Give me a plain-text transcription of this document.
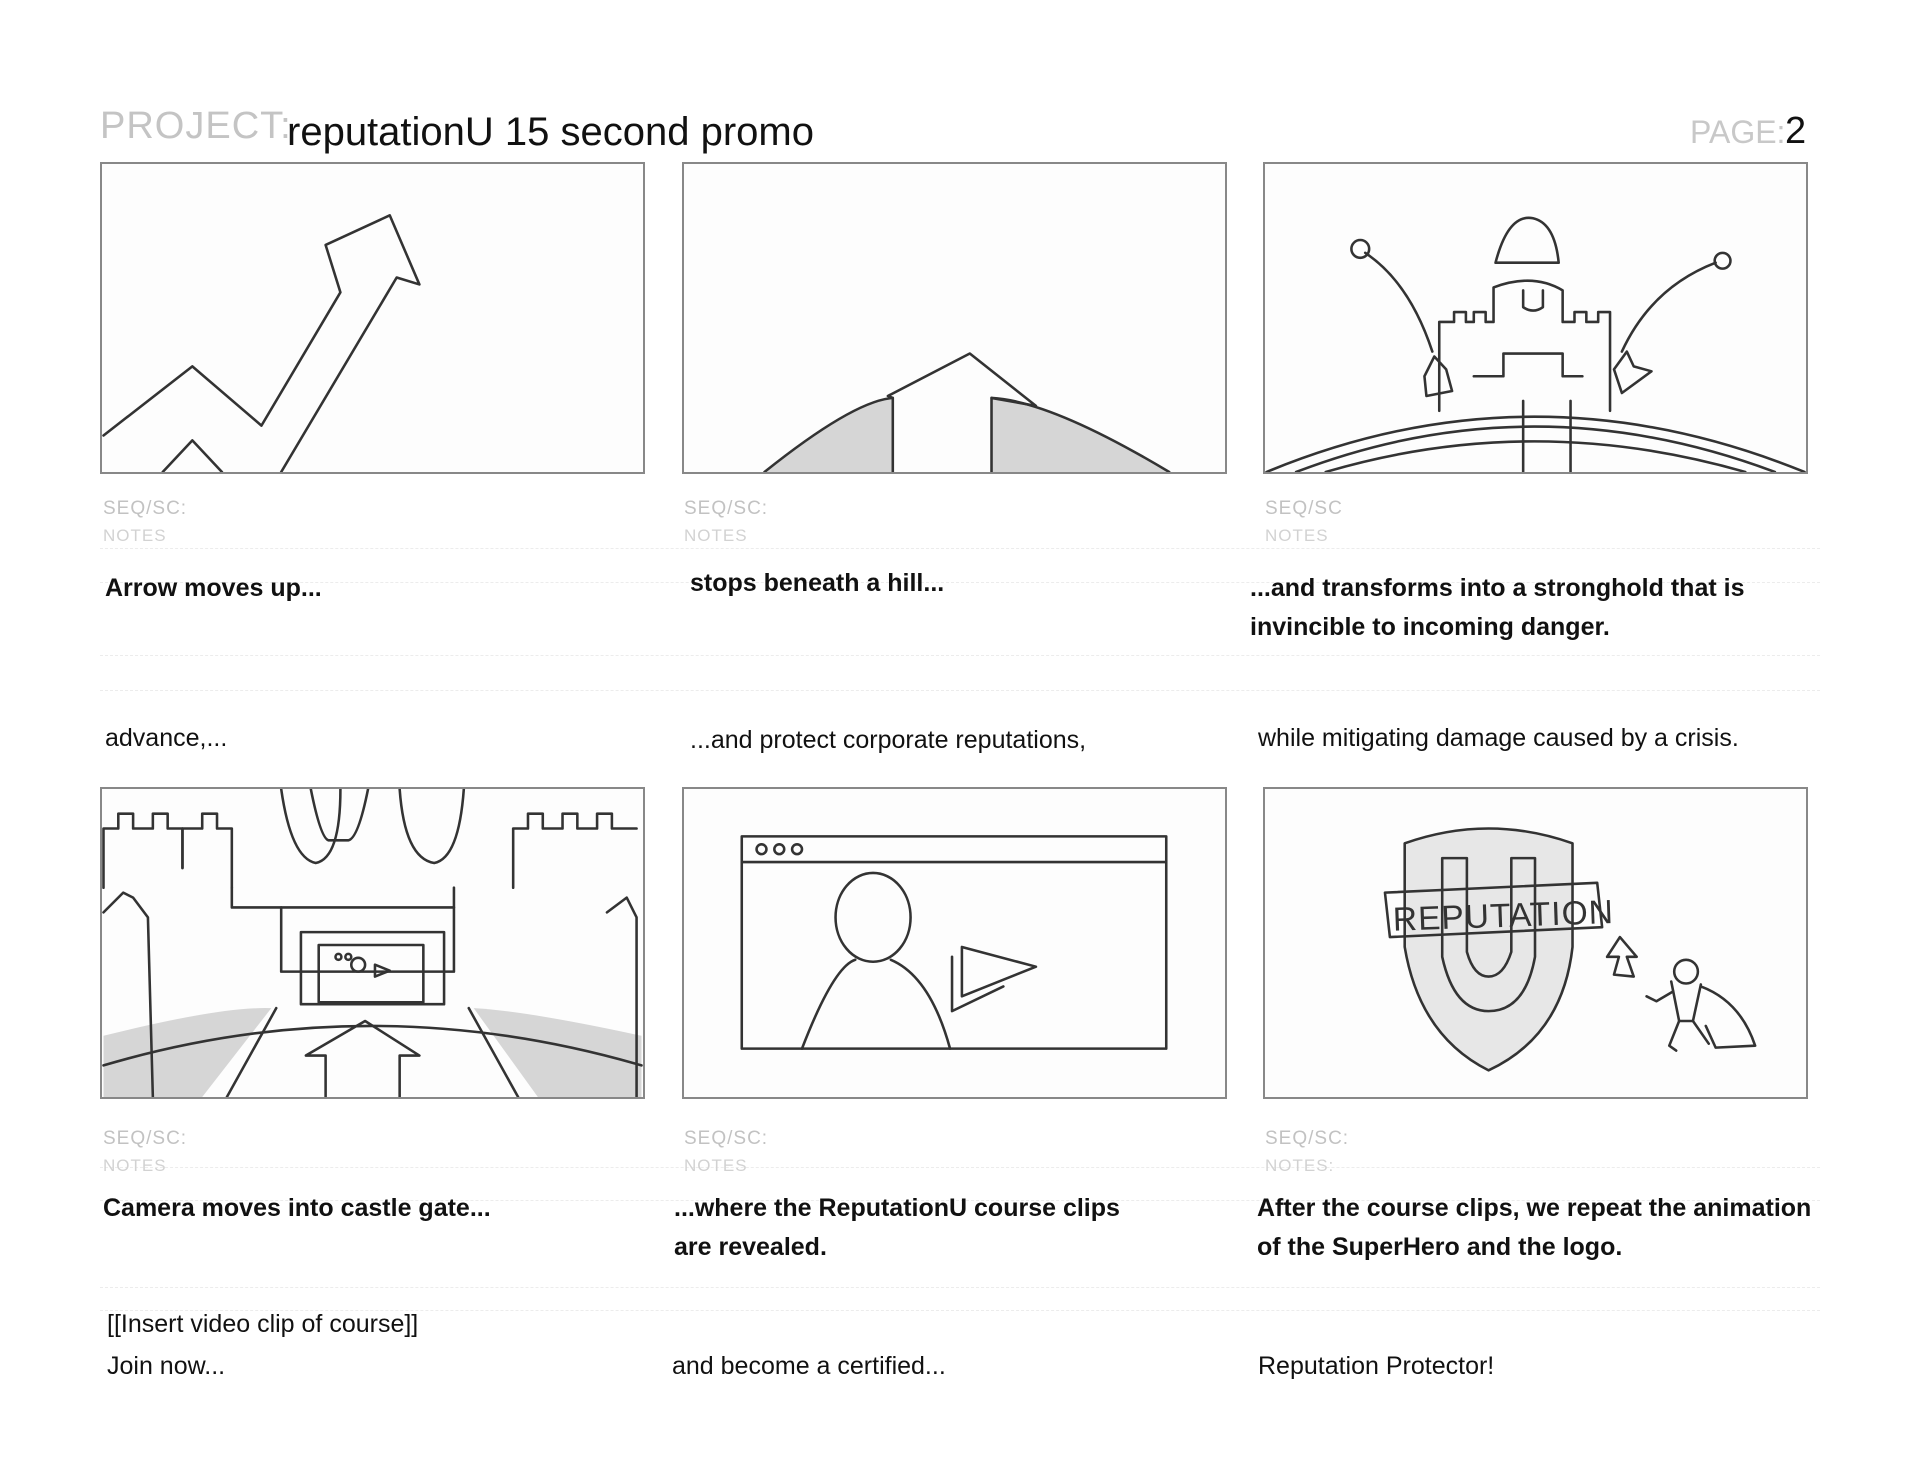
PROJECT:
reputationU 15 second promo	PAGE: 2
SEQ/SC:
NOTES
Arrow moves up...
advance,...
SEQ/SC:
NOTES
stops beneath a hill...
...and protect corporate reputations,
SEQ/SC
NOTES
...and transforms into a stronghold that is
invincible to incoming danger.
while mitigating damage caused by a crisis.
SEQ/SC:
NOTES
Camera moves into castle gate...
[[Insert video clip of course]]
Join now...
SEQ/SC:
NOTES
...where the ReputationU course clips
are revealed.
and become a certified...
REPUTATION
SEQ/SC:
NOTES:
After the course clips, we repeat the animation
of the SuperHero and the logo.
Reputation Protector!
